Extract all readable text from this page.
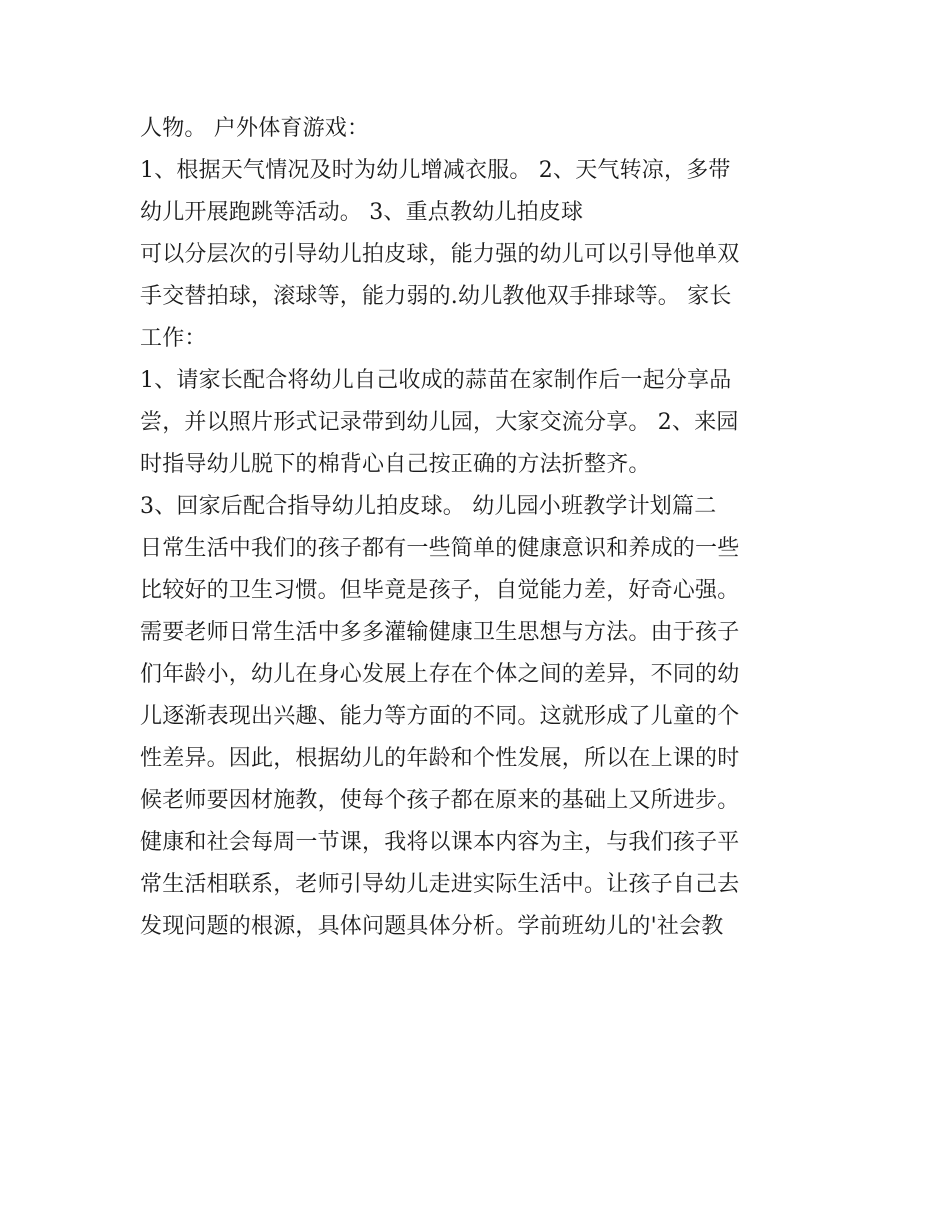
人物。 户外体育游戏：
1、根据天气情况及时为幼儿增减衣服。 2、天气转凉，多带
幼儿开展跑跳等活动。 3、重点教幼儿拍皮球
可以分层次的引导幼儿拍皮球，能力强的幼儿可以引导他单双
手交替拍球，滚球等，能力弱的.幼儿教他双手排球等。 家长
工作：
1、请家长配合将幼儿自己收成的蒜苗在家制作后一起分享品
尝，并以照片形式记录带到幼儿园，大家交流分享。 2、来园
时指导幼儿脱下的棉背心自己按正确的方法折整齐。
3、回家后配合指导幼儿拍皮球。 幼儿园小班教学计划篇二
日常生活中我们的孩子都有一些简单的健康意识和养成的一些
比较好的卫生习惯。但毕竟是孩子，自觉能力差，好奇心强。
需要老师日常生活中多多灌输健康卫生思想与方法。由于孩子
们年龄小，幼儿在身心发展上存在个体之间的差异，不同的幼
儿逐渐表现出兴趣、能力等方面的不同。这就形成了儿童的个
性差异。因此，根据幼儿的年龄和个性发展，所以在上课的时
候老师要因材施教，使每个孩子都在原来的基础上又所进步。
健康和社会每周一节课，我将以课本内容为主，与我们孩子平
常生活相联系，老师引导幼儿走进实际生活中。让孩子自己去
发现问题的根源，具体问题具体分析。学前班幼儿的'社会教
